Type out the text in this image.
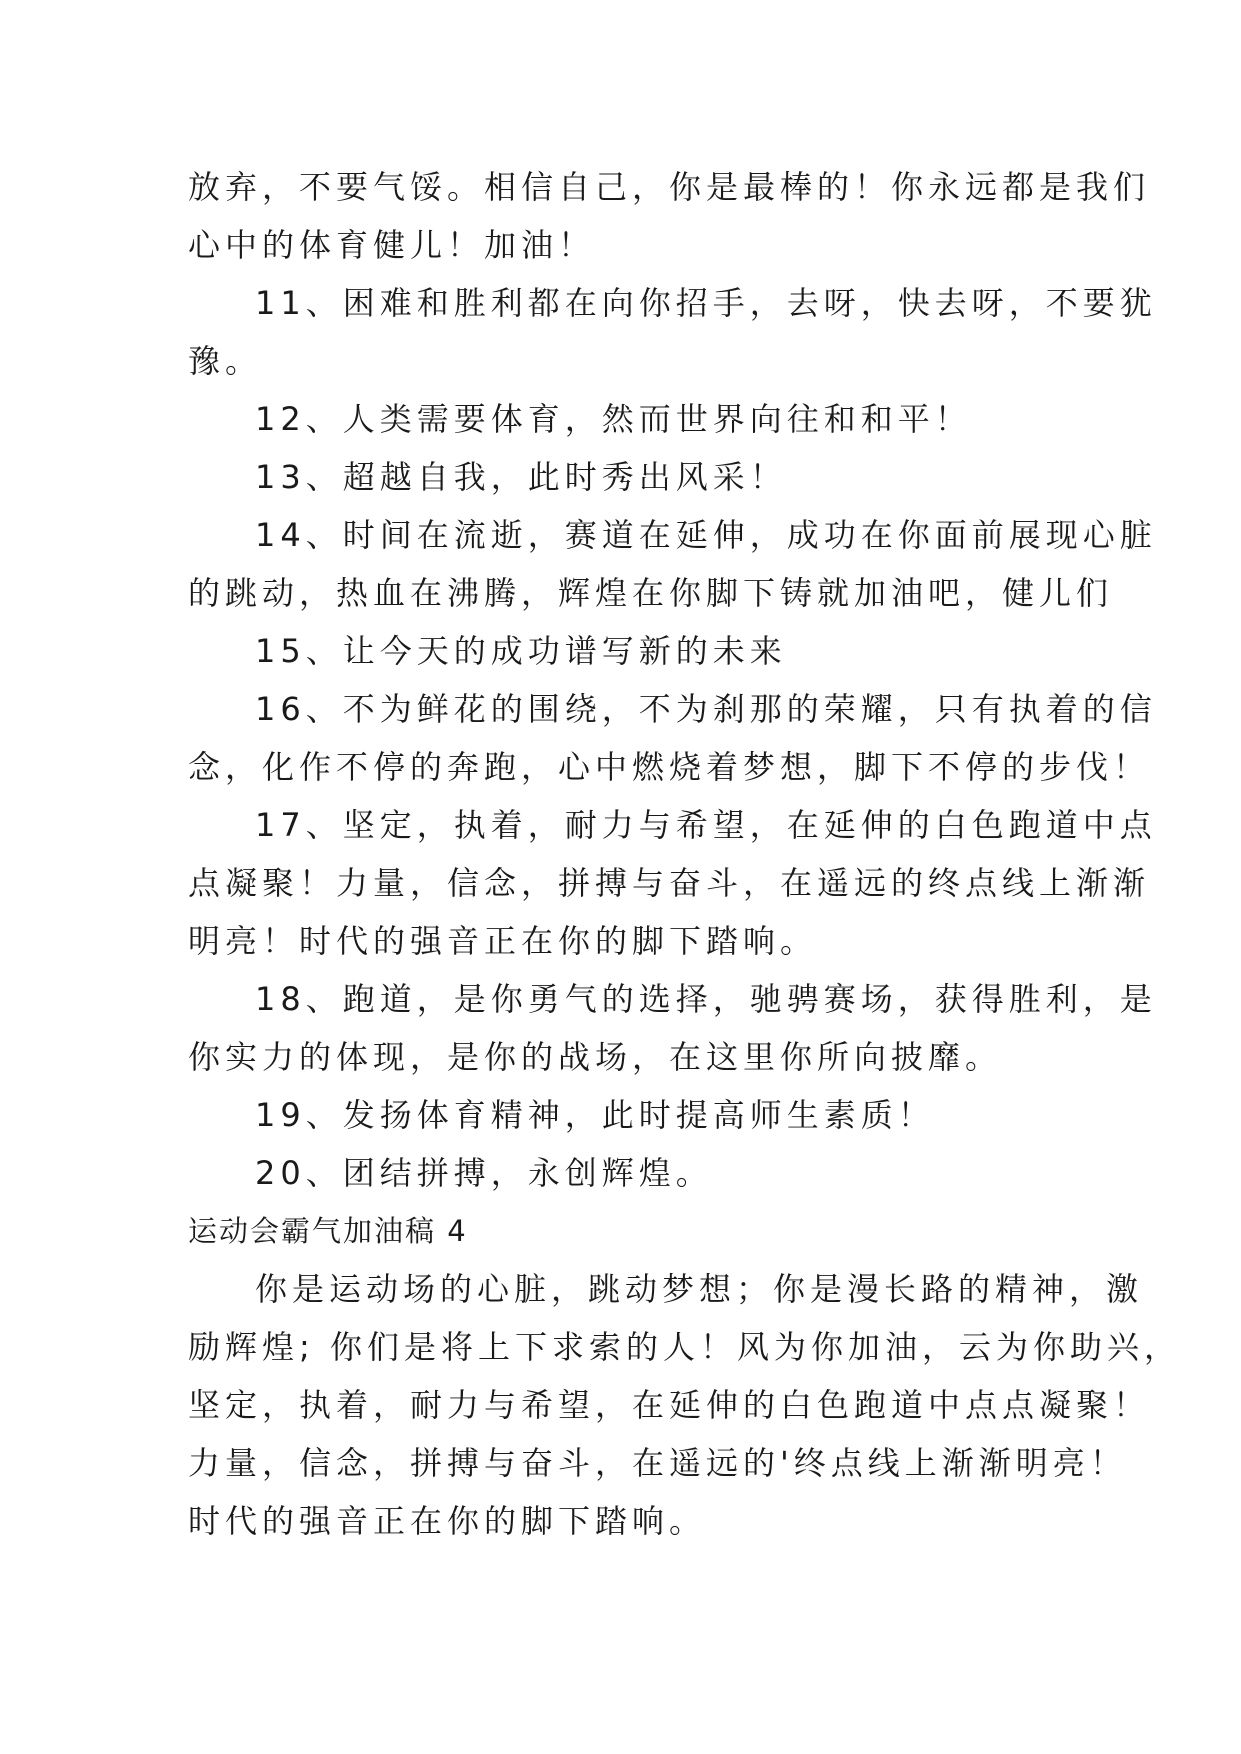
放弃，不要气馁。相信自己，你是最棒的！你永远都是我们
心中的体育健儿！加油！
11、困难和胜利都在向你招手，去呀，快去呀，不要犹
豫。
12、人类需要体育，然而世界向往和和平！
13、超越自我，此时秀出风采！
14、时间在流逝，赛道在延伸，成功在你面前展现心脏
的跳动，热血在沸腾，辉煌在你脚下铸就加油吧，健儿们
15、让今天的成功谱写新的未来
16、不为鲜花的围绕，不为刹那的荣耀，只有执着的信
念，化作不停的奔跑，心中燃烧着梦想，脚下不停的步伐！
17、坚定，执着，耐力与希望，在延伸的白色跑道中点
点凝聚！力量，信念，拼搏与奋斗，在遥远的终点线上渐渐
明亮！时代的强音正在你的脚下踏响。
18、跑道，是你勇气的选择，驰骋赛场，获得胜利，是
你实力的体现，是你的战场，在这里你所向披靡。
19、发扬体育精神，此时提高师生素质！
20、团结拼搏，永创辉煌。
运动会霸气加油稿 4
你是运动场的心脏，跳动梦想；你是漫长路的精神，激
励辉煌; 你们是将上下求索的人！风为你加油，云为你助兴，
坚定，执着，耐力与希望，在延伸的白色跑道中点点凝聚！
力量，信念，拼搏与奋斗，在遥远的'终点线上渐渐明亮！
时代的强音正在你的脚下踏响。
